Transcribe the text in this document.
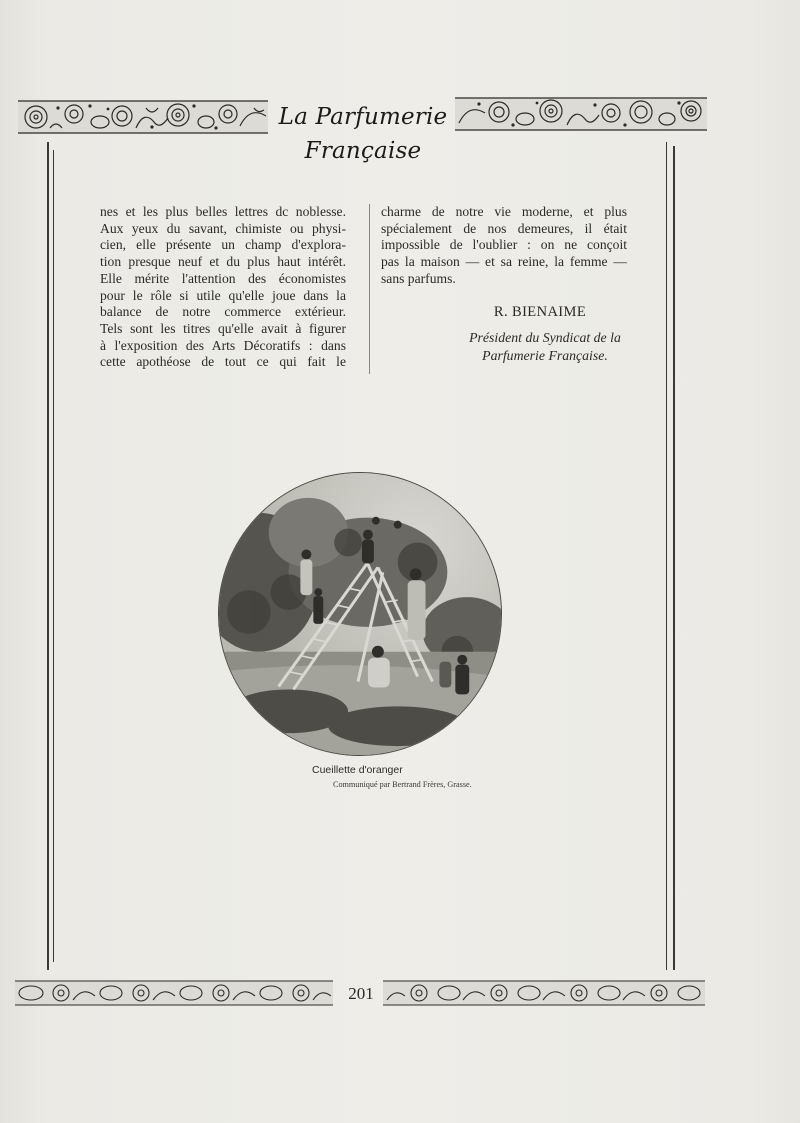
La Parfumerie Française
nes et les plus belles lettres dc noblesse.
Aux yeux du savant, chimiste ou physi-
cien, elle présente un champ d'explora-
tion presque neuf et du plus haut intérêt.
Elle mérite l'attention des économistes
pour le rôle si utile qu'elle joue dans la
balance de notre commerce extérieur.
Tels sont les titres qu'elle avait à figurer
à l'exposition des Arts Décoratifs : dans
cette apothéose de tout ce qui fait le
charme de notre vie moderne, et plus
spécialement de nos demeures, il était
impossible de l'oublier : on ne conçoit
pas la maison — et sa reine, la femme —
sans parfums.
R. BIENAIME
Président du Syndicat de la
Parfumerie Française.
Cueillette d'oranger
Communiqué par Bertrand Frères, Grasse.
201
